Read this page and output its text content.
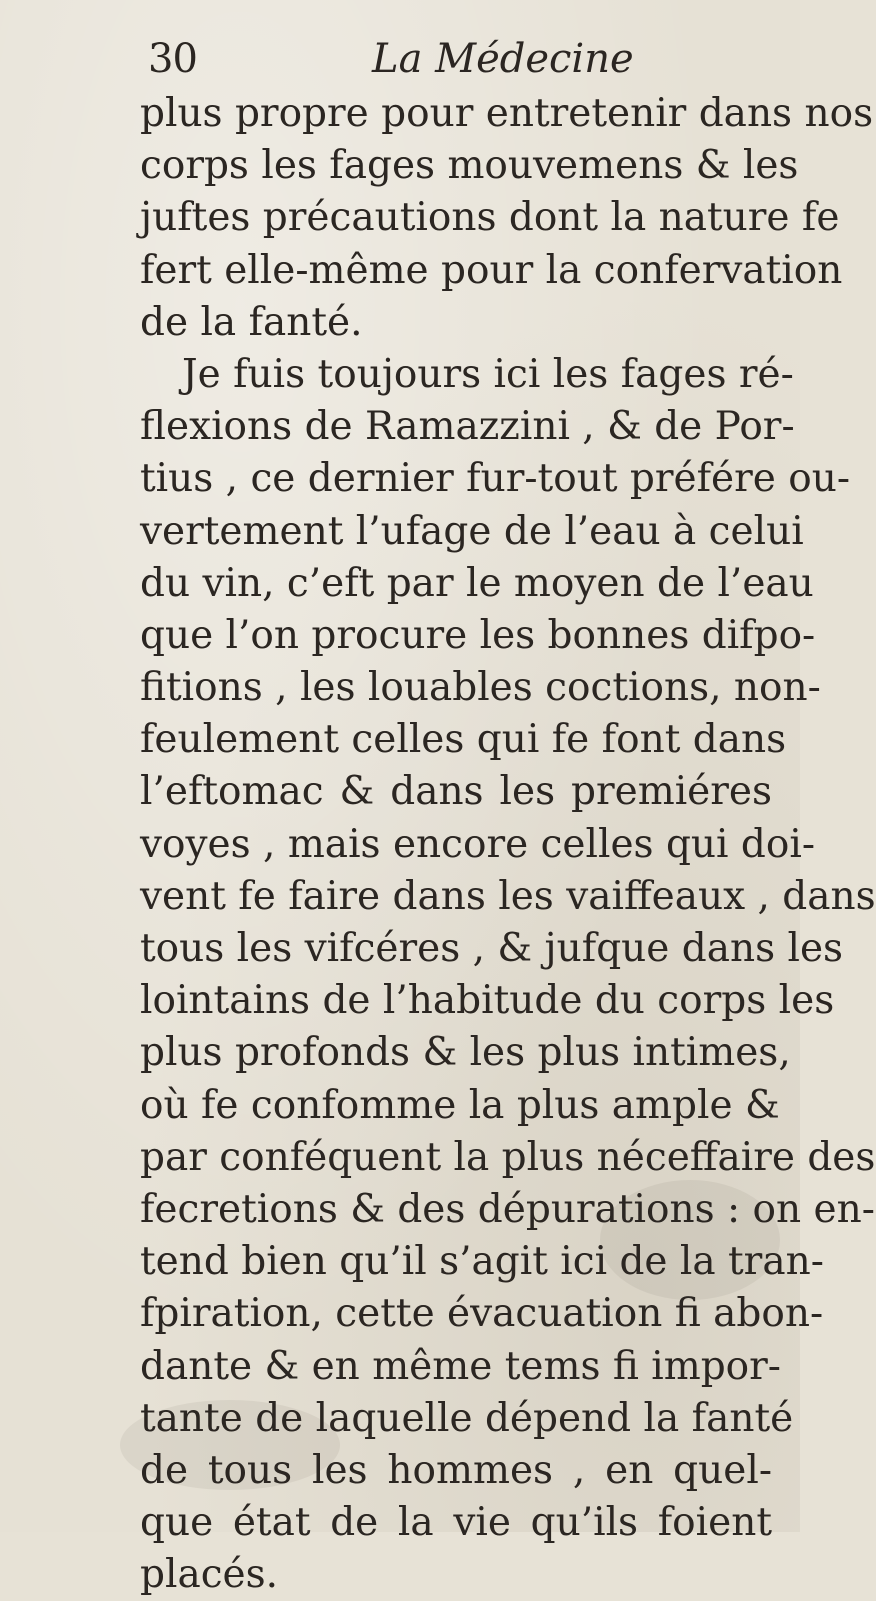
30	La Médecine
plus propre pour entretenir dans nos
corps les fages mouvemens & les
juftes précautions dont la nature fe
fert elle-même pour la confervation
de la fanté.
Je fuis toujours ici les fages ré-
flexions de Ramazzini , & de Por-
tius , ce dernier fur-tout préfére ou-
vertement l’ufage de l’eau à celui
du vin, c’eft par le moyen de l’eau
que l’on procure les bonnes difpo-
fitions , les louables coctions, non-
feulement celles qui fe font dans
l’eftomac & dans les premiéres
voyes , mais encore celles qui doi-
vent fe faire dans les vaiffeaux , dans
tous les vifcéres , & jufque dans les
lointains de l’habitude du corps les
plus profonds & les plus intimes,
où fe confomme la plus ample &
par conféquent la plus néceffaire des
fecretions & des dépurations : on en-
tend bien qu’il s’agit ici de la tran-
fpiration, cette évacuation fi abon-
dante & en même tems fi impor-
tante de laquelle dépend la fanté
de tous les hommes , en quel-
que état de la vie qu’ils foient
placés.
